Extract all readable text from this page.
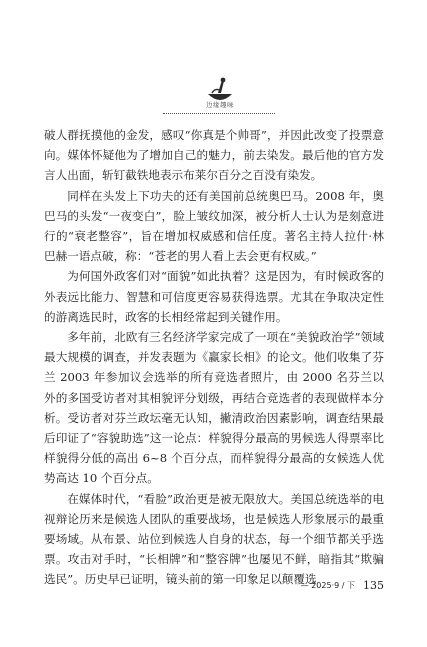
边缘趣味

破人群抚摸他的金发，感叹“你真是个帅哥”，并因此改变了投票意向。媒体怀疑他为了增加自己的魅力，前去染发。最后他的官方发言人出面，斩钉截铁地表示布莱尔百分之百没有染发。

同样在头发上下功夫的还有美国前总统奥巴马。2008 年，奥巴马的头发“一夜变白”，脸上皱纹加深，被分析人士认为是刻意进行的“衰老整容”，旨在增加权威感和信任度。著名主持人拉什·林巴赫一语点破，称：“苍老的男人看上去会更有权威。”

为何国外政客们对“面貌”如此执着？这是因为，有时候政客的外表远比能力、智慧和可信度更容易获得选票。尤其在争取决定性的游离选民时，政客的长相经常起到关键作用。

多年前，北欧有三名经济学家完成了一项在“美貌政治学”领域最大规模的调查，并发表题为《赢家长相》的论文。他们收集了芬兰 2003 年参加议会选举的所有竞选者照片，由 2000 名芬兰以外的多国受访者对其相貌评分划级，再结合竞选者的表现做样本分析。受访者对芬兰政坛毫无认知，撇清政治因素影响，调查结果最后印证了“容貌助选”这一论点：样貌得分最高的男候选人得票率比样貌得分低的高出 6~8 个百分点，而样貌得分最高的女候选人优势高达 10 个百分点。

在媒体时代，“看脸”政治更是被无限放大。美国总统选举的电视辩论历来是候选人团队的重要战场，也是候选人形象展示的最重要场域。从布景、站位到候选人自身的状态，每一个细节都关乎选票。攻击对手时，“长相牌”和“整容牌”也屡见不鲜，暗指其“欺骗选民”。历史早已证明，镜头前的第一印象足以颠覆选

— 2025·9 / 下 135
